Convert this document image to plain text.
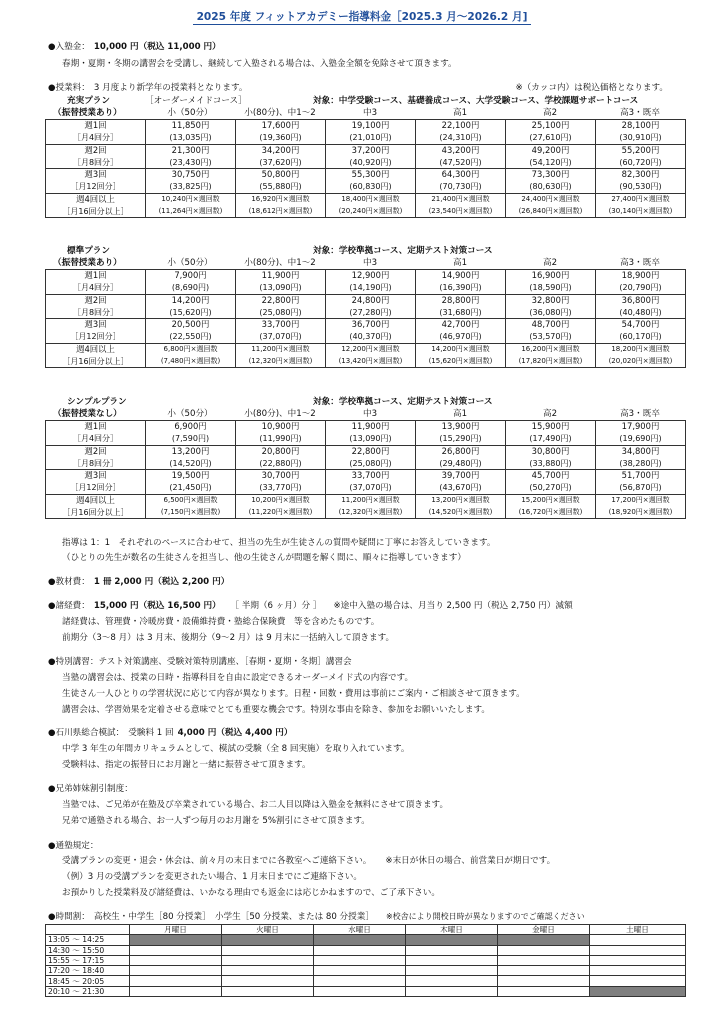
2025 年度 フィットアカデミー指導料金［2025.3 月～2026.2 月]
●入塾金： 10,000 円（税込 11,000 円）
春期・夏期・冬期の講習会を受講し、継続して入塾される場合は、入塾金全額を免除させて頂きます。
●授業料： 3 月度より新学年の授業料となります。	※（カッコ内）は税込価格となります。
充実プラン
（振替授業あり）
［オーダーメイドコース］	対象：中学受験コース、基礎養成コース、大学受験コース、学校課題サポートコース
小（50分）	小(80分)、中1～2	中3	高1	高2	高3・既卒
週1回	11,850円	17,600円	19,100円	22,100円	25,100円	28,100円
［月4回分］	(13,035円)	(19,360円)	(21,010円)	(24,310円)	(27,610円)	(30,910円)
週2回	21,300円	34,200円	37,200円	43,200円	49,200円	55,200円
［月8回分］	(23,430円)	(37,620円)	(40,920円)	(47,520円)	(54,120円)	(60,720円)
週3回	30,750円	50,800円	55,300円	64,300円	73,300円	82,300円
［月12回分］	(33,825円)	(55,880円)	(60,830円)	(70,730円)	(80,630円)	(90,530円)
週4回以上	10,240円×週回数	16,920円×週回数	18,400円×週回数	21,400円×週回数	24,400円×週回数	27,400円×週回数
［月16回分以上］	(11,264円×週回数)	(18,612円×週回数)	(20,240円×週回数)	(23,540円×週回数)	(26,840円×週回数)	(30,140円×週回数)
標準プラン
（振替授業あり）
対象：学校準拠コース、定期テスト対策コース
小（50分）	小(80分)、中1～2	中3	高1	高2	高3・既卒
週1回	7,900円	11,900円	12,900円	14,900円	16,900円	18,900円
［月4回分］	(8,690円)	(13,090円)	(14,190円)	(16,390円)	(18,590円)	(20,790円)
週2回	14,200円	22,800円	24,800円	28,800円	32,800円	36,800円
［月8回分］	(15,620円)	(25,080円)	(27,280円)	(31,680円)	(36,080円)	(40,480円)
週3回	20,500円	33,700円	36,700円	42,700円	48,700円	54,700円
［月12回分］	(22,550円)	(37,070円)	(40,370円)	(46,970円)	(53,570円)	(60,170円)
週4回以上	6,800円×週回数	11,200円×週回数	12,200円×週回数	14,200円×週回数	16,200円×週回数	18,200円×週回数
［月16回分以上］	(7,480円×週回数)	(12,320円×週回数)	(13,420円×週回数)	(15,620円×週回数)	(17,820円×週回数)	(20,020円×週回数)
シンプルプラン
（振替授業なし）
対象：学校準拠コース、定期テスト対策コース
小（50分）	小(80分)、中1～2	中3	高1	高2	高3・既卒
週1回	6,900円	10,900円	11,900円	13,900円	15,900円	17,900円
［月4回分］	(7,590円)	(11,990円)	(13,090円)	(15,290円)	(17,490円)	(19,690円)
週2回	13,200円	20,800円	22,800円	26,800円	30,800円	34,800円
［月8回分］	(14,520円)	(22,880円)	(25,080円)	(29,480円)	(33,880円)	(38,280円)
週3回	19,500円	30,700円	33,700円	39,700円	45,700円	51,700円
［月12回分］	(21,450円)	(33,770円)	(37,070円)	(43,670円)	(50,270円)	(56,870円)
週4回以上	6,500円×週回数	10,200円×週回数	11,200円×週回数	13,200円×週回数	15,200円×週回数	17,200円×週回数
［月16回分以上］	(7,150円×週回数)	(11,220円×週回数)	(12,320円×週回数)	(14,520円×週回数)	(16,720円×週回数)	(18,920円×週回数)
指導は 1：1　それぞれのペースに合わせて、担当の先生が生徒さんの質問や疑問に丁寧にお答えしていきます。
（ひとりの先生が数名の生徒さんを担当し、他の生徒さんが問題を解く間に、順々に指導していきます）
●教材費： 1 冊 2,000 円（税込 2,200 円）
●諸経費： 15,000 円（税込 16,500 円） ［ 半期（6 ヶ月）分 ］ ※途中入塾の場合は、月当り 2,500 円（税込 2,750 円）減額
諸経費は、管理費・冷暖房費・設備維持費・塾総合保険費　等を含めたものです。
前期分（3～8 月）は 3 月末、後期分（9～2 月）は 9 月末に一括納入して頂きます。
●特別講習：テスト対策講座、受験対策特別講座、［春期・夏期・冬期］講習会
当塾の講習会は、授業の日時・指導科目を自由に設定できるオーダーメイド式の内容です。
生徒さん一人ひとりの学習状況に応じて内容が異なります。日程・回数・費用は事前にご案内・ご相談させて頂きます。
講習会は、学習効果を定着させる意味でとても重要な機会です。特別な事由を除き、参加をお願いいたします。
●石川県総合模試： 受験料 1 回 4,000 円（税込 4,400 円）
中学 3 年生の年間カリキュラムとして、模試の受験（全 8 回実施）を取り入れています。
受験料は、指定の振替日にお月謝と一緒に振替させて頂きます。
●兄弟姉妹割引制度：
当塾では、ご兄弟が在塾及び卒業されている場合、お二人目以降は入塾金を無料にさせて頂きます。
兄弟で通塾される場合、お一人ずつ毎月のお月謝を 5%割引にさせて頂きます。
●通塾規定：
受講プランの変更・退会・休会は、前々月の末日までに各教室へご連絡下さい。 ※末日が休日の場合、前営業日が期日です。
（例）3 月の受講プランを変更されたい場合、1 月末日までにご連絡下さい。
お預かりした授業料及び諸経費は、いかなる理由でも返金には応じかねますので、ご了承下さい。
●時間割： 高校生・中学生［80 分授業］　小学生［50 分授業、または 80 分授業］ ※校舎により開校日時が異なりますのでご確認ください
	月曜日	火曜日	水曜日	木曜日	金曜日	土曜日
13:05 ～ 14:25						
14:30 ～ 15:50						
15:55 ～ 17:15						
17:20 ～ 18:40						
18:45 ～ 20:05						
20:10 ～ 21:30						
